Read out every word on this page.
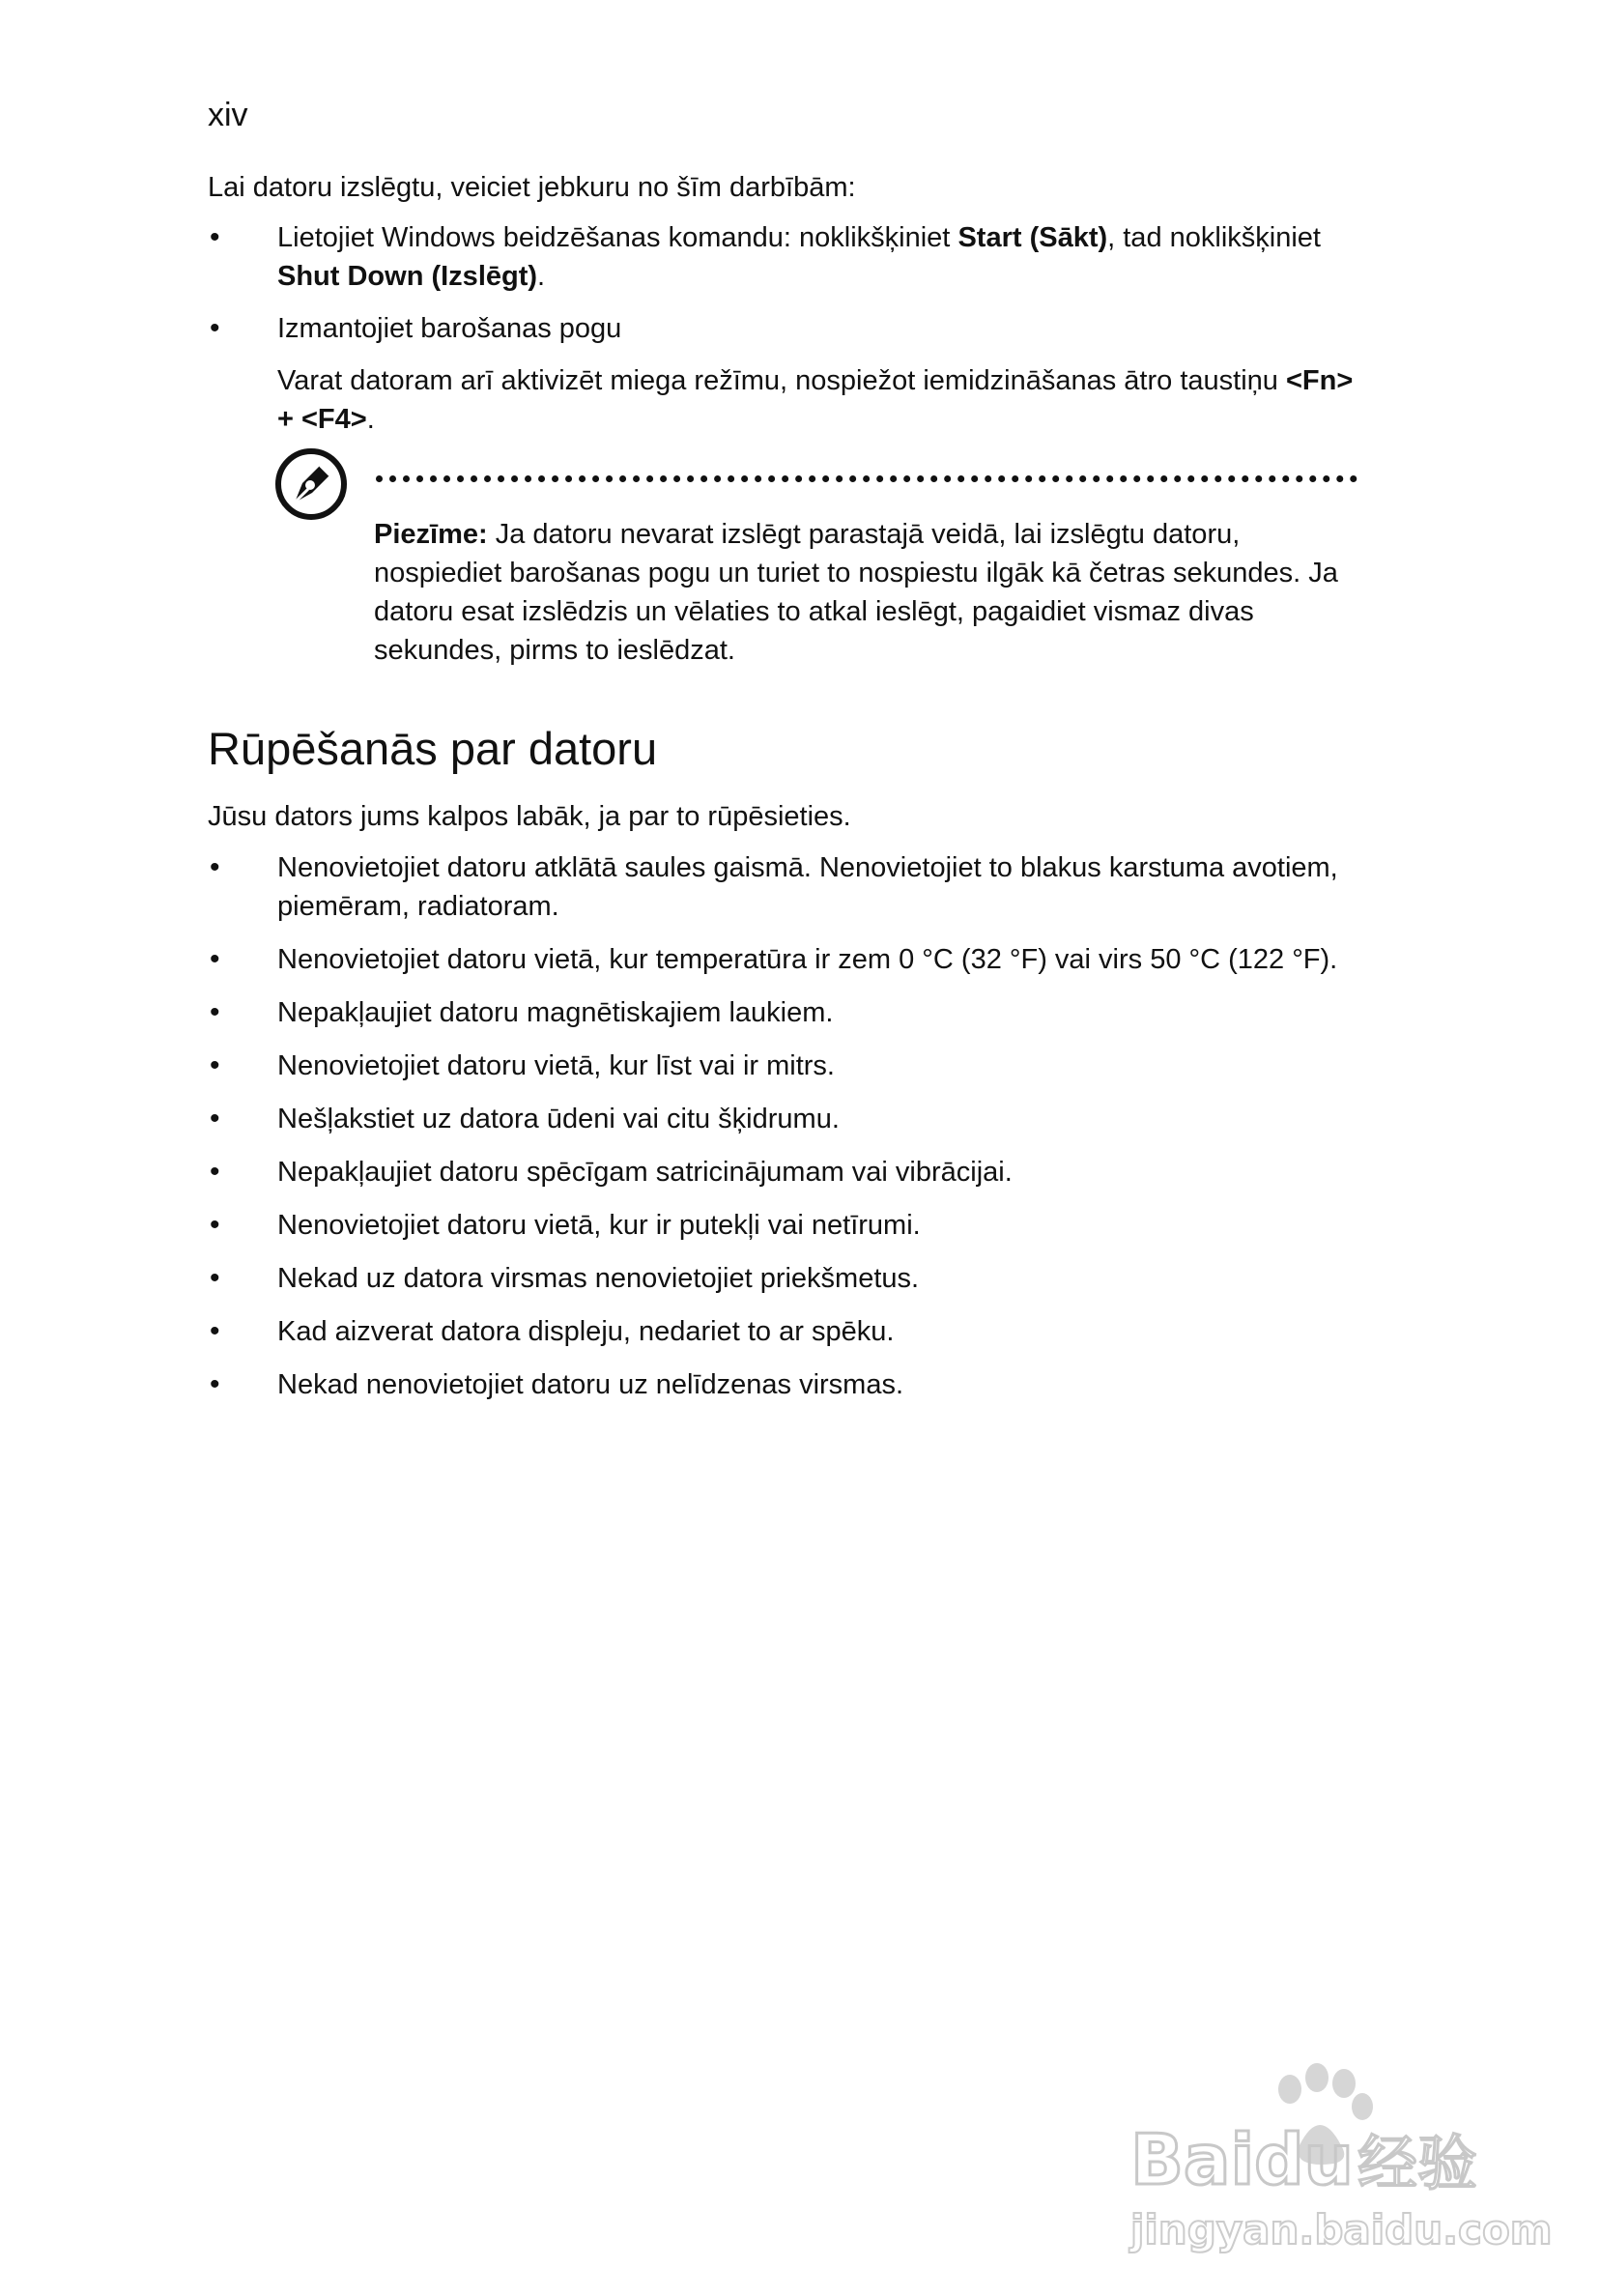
xiv
Lai datoru izslēgtu, veiciet jebkuru no šīm darbībām:
• Lietojiet Windows beidzēšanas komandu: noklikšķiniet Start (Sākt), tad noklikšķiniet Shut Down (Izslēgt).
• Izmantojiet barošanas pogu
Varat datoram arī aktivizēt miega režīmu, nospiežot iemidzināšanas ātro taustiņu <Fn> + <F4>.
Piezīme: Ja datoru nevarat izslēgt parastajā veidā, lai izslēgtu datoru, nospiediet barošanas pogu un turiet to nospiestu ilgāk kā četras sekundes. Ja datoru esat izslēdzis un vēlaties to atkal ieslēgt, pagaidiet vismaz divas sekundes, pirms to ieslēdzat.
Rūpēšanās par datoru
Jūsu dators jums kalpos labāk, ja par to rūpēsieties.
• Nenovietojiet datoru atklātā saules gaismā. Nenovietojiet to blakus karstuma avotiem, piemēram, radiatoram.
• Nenovietojiet datoru vietā, kur temperatūra ir zem 0 °C (32 °F) vai virs 50 °C (122 °F).
• Nepakļaujiet datoru magnētiskajiem laukiem.
• Nenovietojiet datoru vietā, kur līst vai ir mitrs.
• Nešļakstiet uz datora ūdeni vai citu šķidrumu.
• Nepakļaujiet datoru spēcīgam satricinājumam vai vibrācijai.
• Nenovietojiet datoru vietā, kur ir putekļi vai netīrumi.
• Nekad uz datora virsmas nenovietojiet priekšmetus.
• Kad aizverat datora displeju, nedariet to ar spēku.
• Nekad nenovietojiet datoru uz nelīdzenas virsmas.
Baidu 经验
jingyan.baidu.com
